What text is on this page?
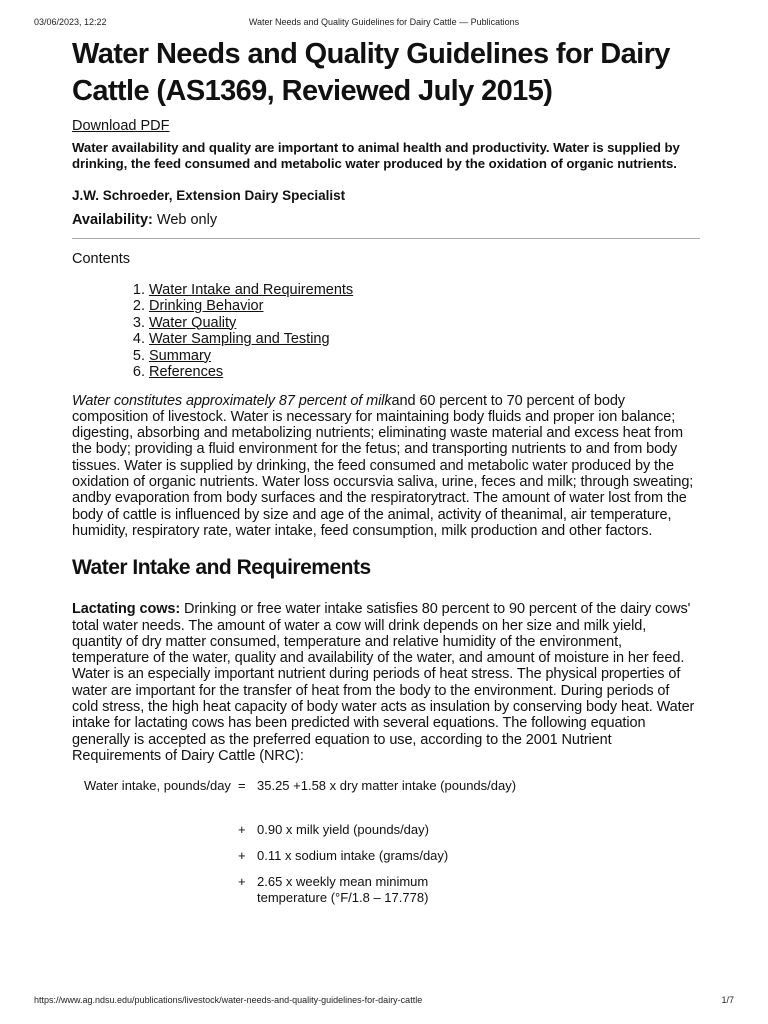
03/06/2023, 12:22	Water Needs and Quality Guidelines for Dairy Cattle — Publications
Water Needs and Quality Guidelines for Dairy Cattle (AS1369, Reviewed July 2015)
Download PDF

Water availability and quality are important to animal health and productivity. Water is supplied by drinking, the feed consumed and metabolic water produced by the oxidation of organic nutrients.

J.W. Schroeder, Extension Dairy Specialist

Availability: Web only

Contents

1. Water Intake and Requirements
2. Drinking Behavior
3. Water Quality
4. Water Sampling and Testing
5. Summary
6. References

Water constitutes approximately 87 percent of milkand 60 percent to 70 percent of body composition of livestock. Water is necessary for maintaining body fluids and proper ion balance; digesting, absorbing and metabolizing nutrients; eliminating waste material and excess heat from the body; providing a fluid environment for the fetus; and transporting nutrients to and from body tissues. Water is supplied by drinking, the feed consumed and metabolic water produced by the oxidation of organic nutrients. Water loss occursvia saliva, urine, feces and milk; through sweating; andby evaporation from body surfaces and the respiratorytract. The amount of water lost from the body of cattle is influenced by size and age of the animal, activity of theanimal, air temperature, humidity, respiratory rate, water intake, feed consumption, milk production and other factors.

Water Intake and Requirements

Lactating cows: Drinking or free water intake satisfies 80 percent to 90 percent of the dairy cows' total water needs. The amount of water a cow will drink depends on her size and milk yield, quantity of dry matter consumed, temperature and relative humidity of the environment, temperature of the water, quality and availability of the water, and amount of moisture in her feed. Water is an especially important nutrient during periods of heat stress. The physical properties of water are important for the transfer of heat from the body to the environment. During periods of cold stress, the high heat capacity of body water acts as insulation by conserving body heat. Water intake for lactating cows has been predicted with several equations. The following equation generally is accepted as the preferred equation to use, according to the 2001 Nutrient Requirements of Dairy Cattle (NRC):

Water intake, pounds/day = 35.25 +1.58 x dry matter intake (pounds/day)
+ 0.90 x milk yield (pounds/day)
+ 0.11 x sodium intake (grams/day)
+ 2.65 x weekly mean minimum temperature (°F/1.8 – 17.778)
https://www.ag.ndsu.edu/publications/livestock/water-needs-and-quality-guidelines-for-dairy-cattle	1/7
